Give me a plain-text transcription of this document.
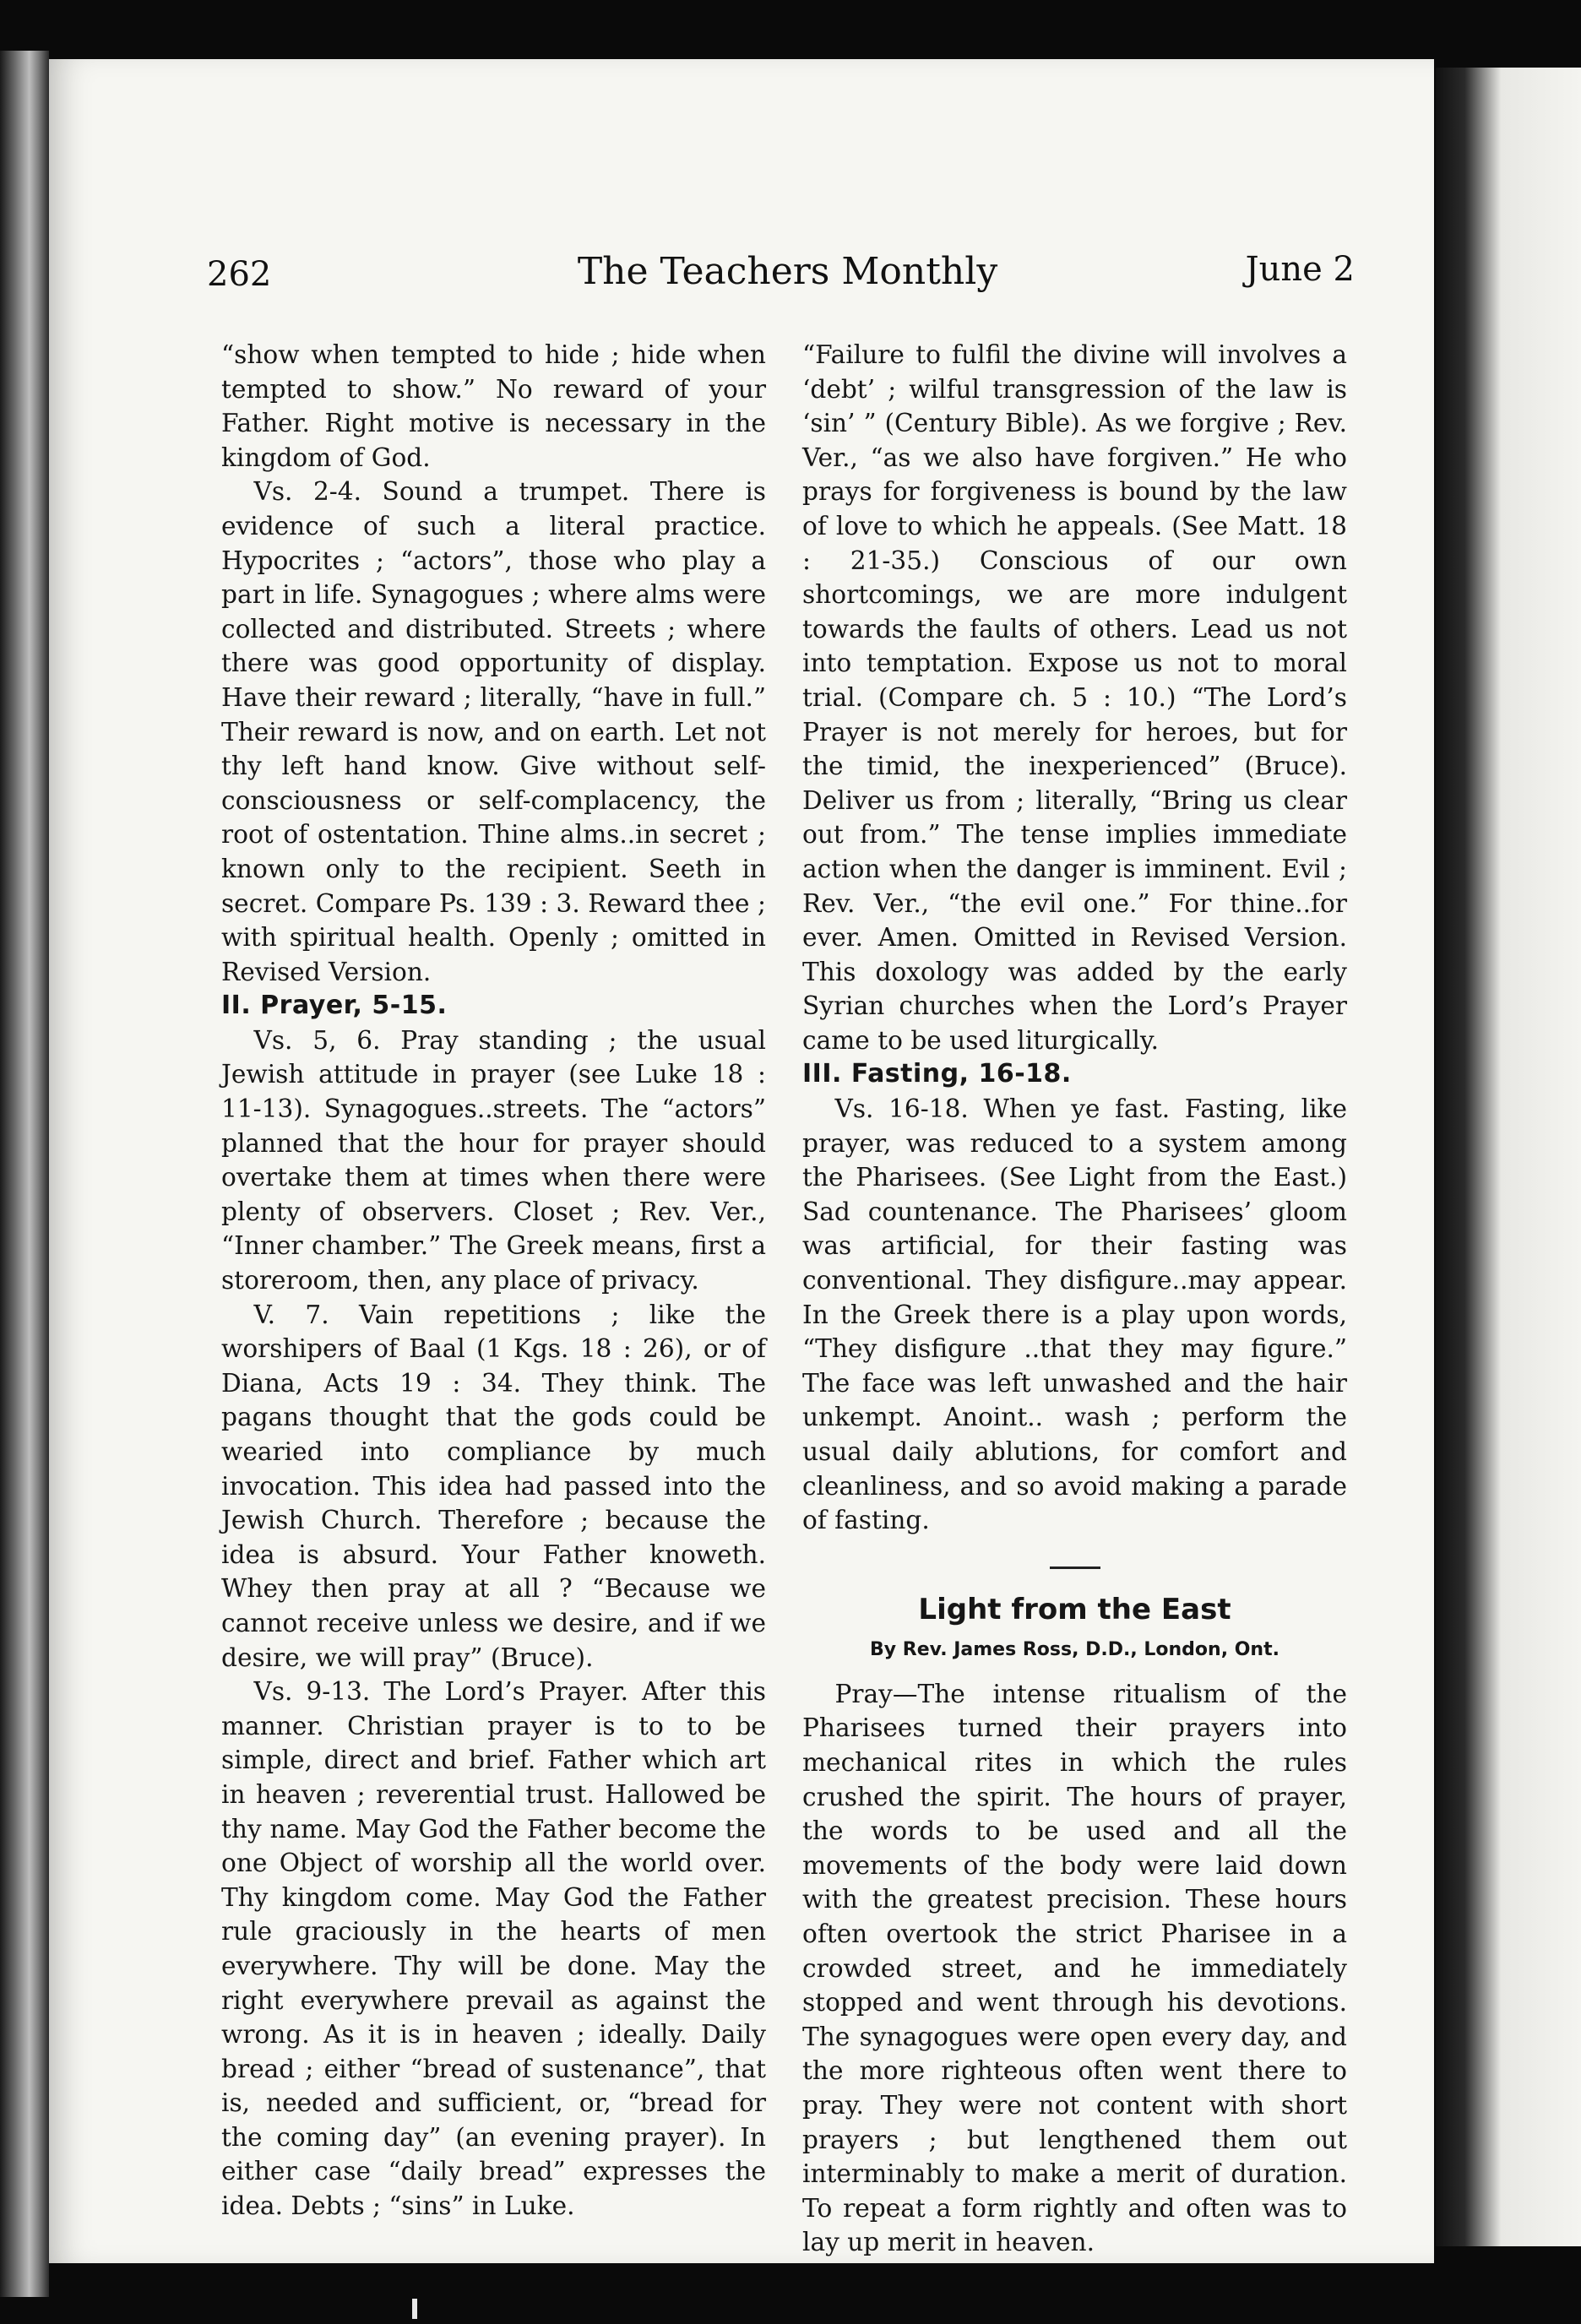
262	The Teachers Monthly	June 2

“show when tempted to hide ; hide when tempted to show.” No reward of your Father. Right motive is necessary in the kingdom of God.

Vs. 2-4. Sound a trumpet. There is evidence of such a literal practice. Hypocrites ; “actors”, those who play a part in life. Synagogues ; where alms were collected and distributed. Streets ; where there was good opportunity of display. Have their reward ; literally, “have in full.” Their reward is now, and on earth. Let not thy left hand know. Give without self-consciousness or self-complacency, the root of ostentation. Thine alms..in secret ; known only to the recipient. Seeth in secret. Compare Ps. 139 : 3. Reward thee ; with spiritual health. Openly ; omitted in Revised Version.

II. Prayer, 5-15.

Vs. 5, 6. Pray standing ; the usual Jewish attitude in prayer (see Luke 18 : 11-13). Synagogues..streets. The “actors” planned that the hour for prayer should overtake them at times when there were plenty of observers. Closet ; Rev. Ver., “Inner chamber.” The Greek means, first a storeroom, then, any place of privacy.

V. 7. Vain repetitions ; like the worshipers of Baal (1 Kgs. 18 : 26), or of Diana, Acts 19 : 34. They think. The pagans thought that the gods could be wearied into compliance by much invocation. This idea had passed into the Jewish Church. Therefore ; because the idea is absurd. Your Father knoweth. Whey then pray at all ? “Because we cannot receive unless we desire, and if we desire, we will pray” (Bruce).

Vs. 9-13. The Lord’s Prayer. After this manner. Christian prayer is to to be simple, direct and brief. Father which art in heaven ; reverential trust. Hallowed be thy name. May God the Father become the one Object of worship all the world over. Thy kingdom come. May God the Father rule graciously in the hearts of men everywhere. Thy will be done. May the right everywhere prevail as against the wrong. As it is in heaven ; ideally. Daily bread ; either “bread of sustenance”, that is, needed and sufficient, or, “bread for the coming day” (an evening prayer). In either case “daily bread” expresses the idea. Debts ; “sins” in Luke.

“Failure to fulfil the divine will involves a ‘debt’ ; wilful transgression of the law is ‘sin’ ” (Century Bible). As we forgive ; Rev. Ver., “as we also have forgiven.” He who prays for forgiveness is bound by the law of love to which he appeals. (See Matt. 18 : 21-35.) Conscious of our own shortcomings, we are more indulgent towards the faults of others. Lead us not into temptation. Expose us not to moral trial. (Compare ch. 5 : 10.) “The Lord’s Prayer is not merely for heroes, but for the timid, the inexperienced” (Bruce). Deliver us from ; literally, “Bring us clear out from.” The tense implies immediate action when the danger is imminent. Evil ; Rev. Ver., “the evil one.” For thine..for ever. Amen. Omitted in Revised Version. This doxology was added by the early Syrian churches when the Lord’s Prayer came to be used liturgically.

III. Fasting, 16-18.

Vs. 16-18. When ye fast. Fasting, like prayer, was reduced to a system among the Pharisees. (See Light from the East.) Sad countenance. The Pharisees’ gloom was artificial, for their fasting was conventional. They disfigure..may appear. In the Greek there is a play upon words, “They disfigure ..that they may figure.” The face was left unwashed and the hair unkempt. Anoint.. wash ; perform the usual daily ablutions, for comfort and cleanliness, and so avoid making a parade of fasting.

Light from the East

By Rev. James Ross, D.D., London, Ont.

Pray—The intense ritualism of the Pharisees turned their prayers into mechanical rites in which the rules crushed the spirit. The hours of prayer, the words to be used and all the movements of the body were laid down with the greatest precision. These hours often overtook the strict Pharisee in a crowded street, and he immediately stopped and went through his devotions. The synagogues were open every day, and the more righteous often went there to pray. They were not content with short prayers ; but lengthened them out interminably to make a merit of duration. To repeat a form rightly and often was to lay up merit in heaven.
